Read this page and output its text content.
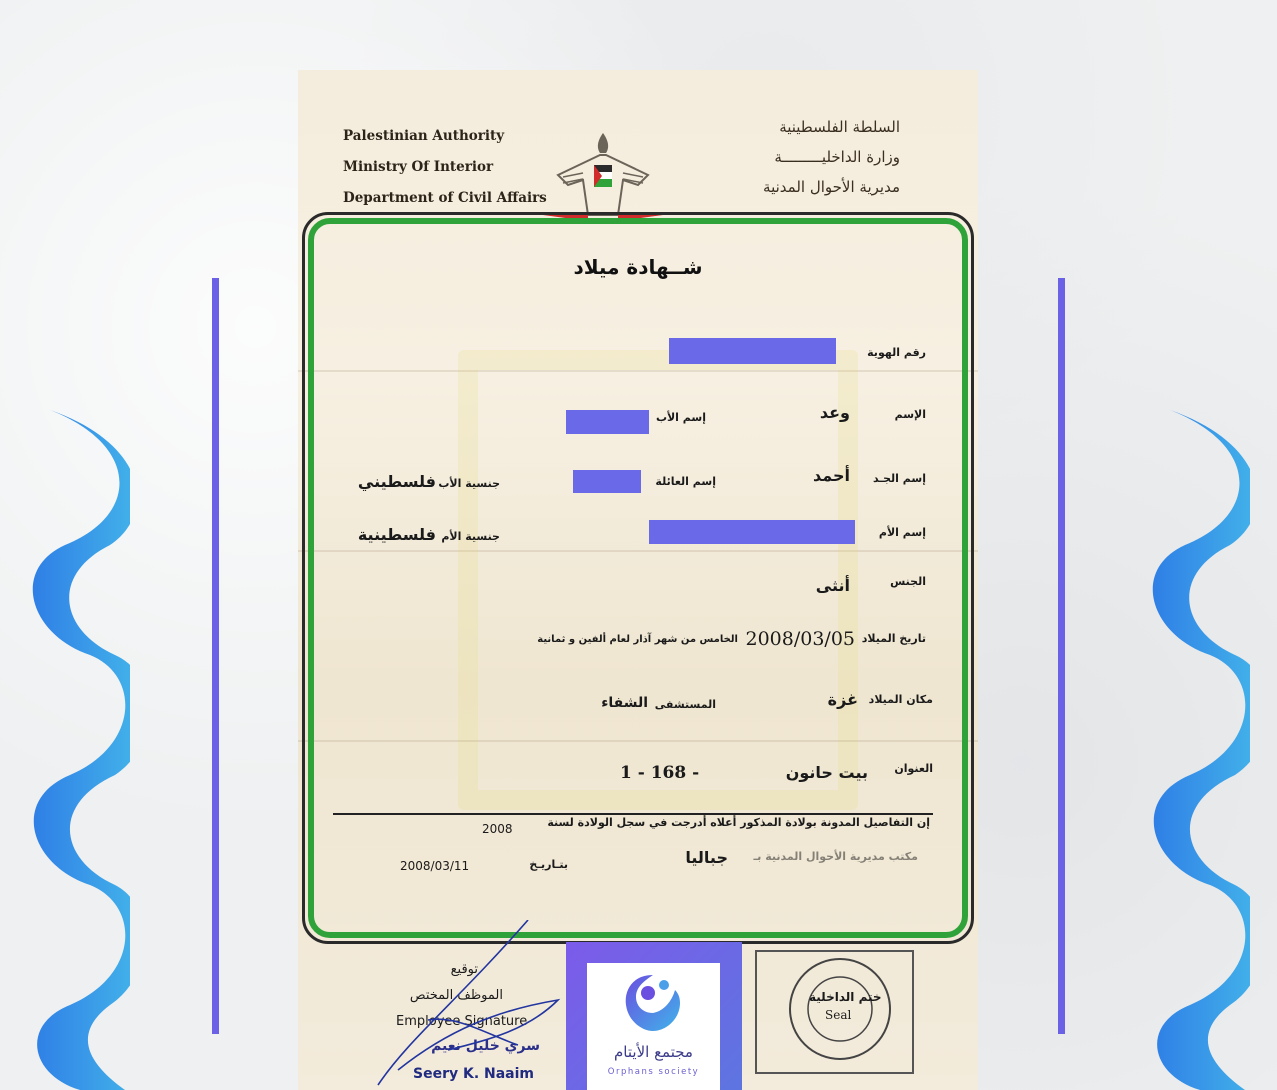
Palestinian Authority
Ministry Of Interior
Department of Civil Affairs
السلطة الفلسطينية
وزارة الداخليـــــــــة
مديرية الأحوال المدنية
شــهادة ميلاد
رقم الهوية
الإسم
وعد
إسم الأب
إسم الجـد
أحمد
إسم العائلة
جنسية الأب
فلسطيني
إسم الأم
جنسية الأم
فلسطينية
الجنس
أنثى
تاريخ الميلاد
2008/03/05
الخامس من شهر آذار لعام ألفين و ثمانية
مكان الميلاد
غزة
المستشفى
الشفاء
العنوان
بيت حانون
1 - 168 -
إن التفاصيل المدونة بولادة المذكور أعلاه أدرجت في سجل الولادة لسنة
2008
مكتب مديرية الأحوال المدنية بـ
جباليا
بتـاريـخ
2008/03/11
توقيع
الموظف المختص
Employee Signature
سري خليل نعيم
Seery K. Naaim
ختم الداخلية
Seal
مجتمع الأيتام
Orphans society
